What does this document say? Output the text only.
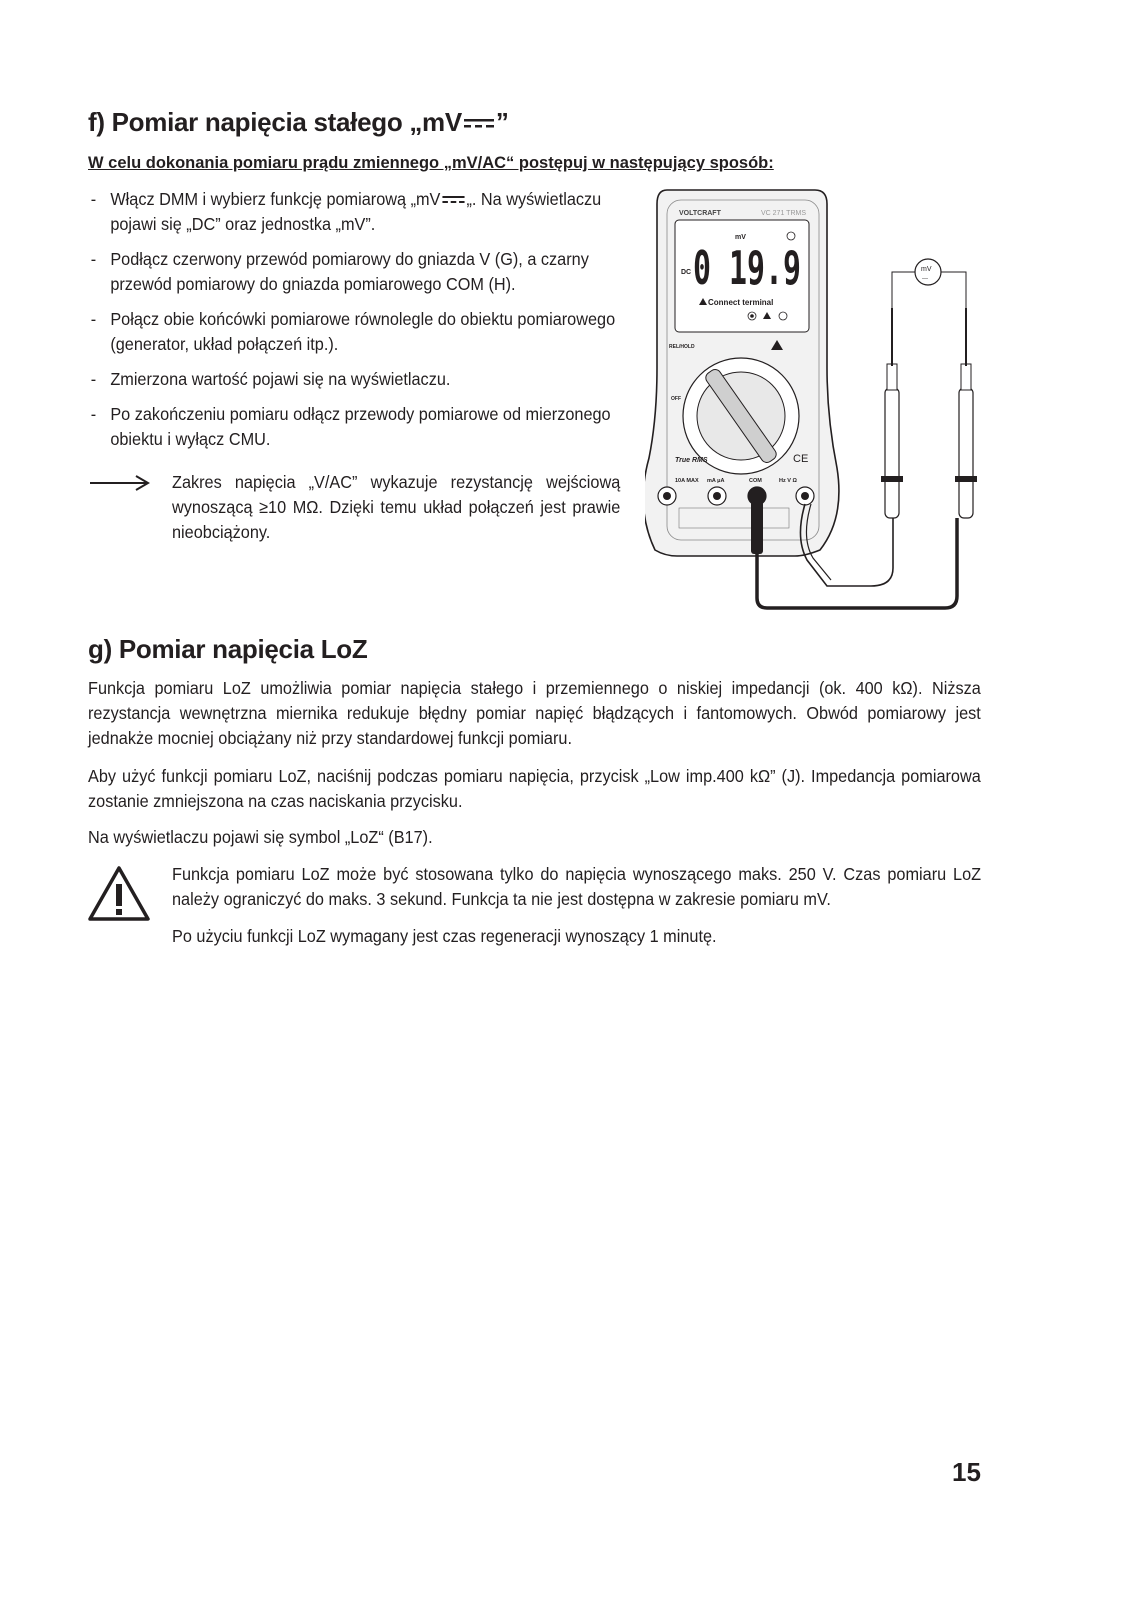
f) Pomiar napięcia stałego „mV ”
W celu dokonania pomiaru prądu zmiennego „mV/AC“ postępuj w następujący sposób:
- Włącz DMM i wybierz funkcję pomiarową „mV „. Na wyświetlaczu pojawi się „DC” oraz jednostka „mV”.
- Podłącz czerwony przewód pomiarowy do gniazda V (G), a czarny przewód pomiarowy do gniazda pomiarowego COM (H).
- Połącz obie końcówki pomiarowe równolegle do obiektu pomiarowego (generator, układ połączeń itp.).
- Zmierzona wartość pojawi się na wyświetlaczu.
- Po zakończeniu pomiaru odłącz przewody pomiarowe od mierzonego obiektu i wyłącz CMU.
Zakres napięcia „V/AC” wykazuje rezystancję wejściową wynoszącą ≥10 MΩ. Dzięki temu układ połączeń jest prawie nieobciążony.
VOLTCRAFT	VC 271 TRMS
mV
DC 0 19.9
Connect terminal
REL/HOLD
OFF
True RMS	CE
10A MAX mA μA	COM	Hz V Ω
mV
---
g) Pomiar napięcia LoZ
Funkcja pomiaru LoZ umożliwia pomiar napięcia stałego i przemiennego o niskiej impedancji (ok. 400 kΩ). Niższa rezystancja wewnętrzna miernika redukuje błędny pomiar napięć błądzących i fantomowych. Obwód pomiarowy jest jednakże mocniej obciążany niż przy standardowej funkcji pomiaru.
Aby użyć funkcji pomiaru LoZ, naciśnij podczas pomiaru napięcia, przycisk „Low imp.400 kΩ” (J). Impedancja pomiarowa zostanie zmniejszona na czas naciskania przycisku.
Na wyświetlaczu pojawi się symbol „LoZ“ (B17).
Funkcja pomiaru LoZ może być stosowana tylko do napięcia wynoszącego maks. 250 V. Czas pomiaru LoZ należy ograniczyć do maks. 3 sekund. Funkcja ta nie jest dostępna w zakresie pomiaru mV.
Po użyciu funkcji LoZ wymagany jest czas regeneracji wynoszący 1 minutę.
15
